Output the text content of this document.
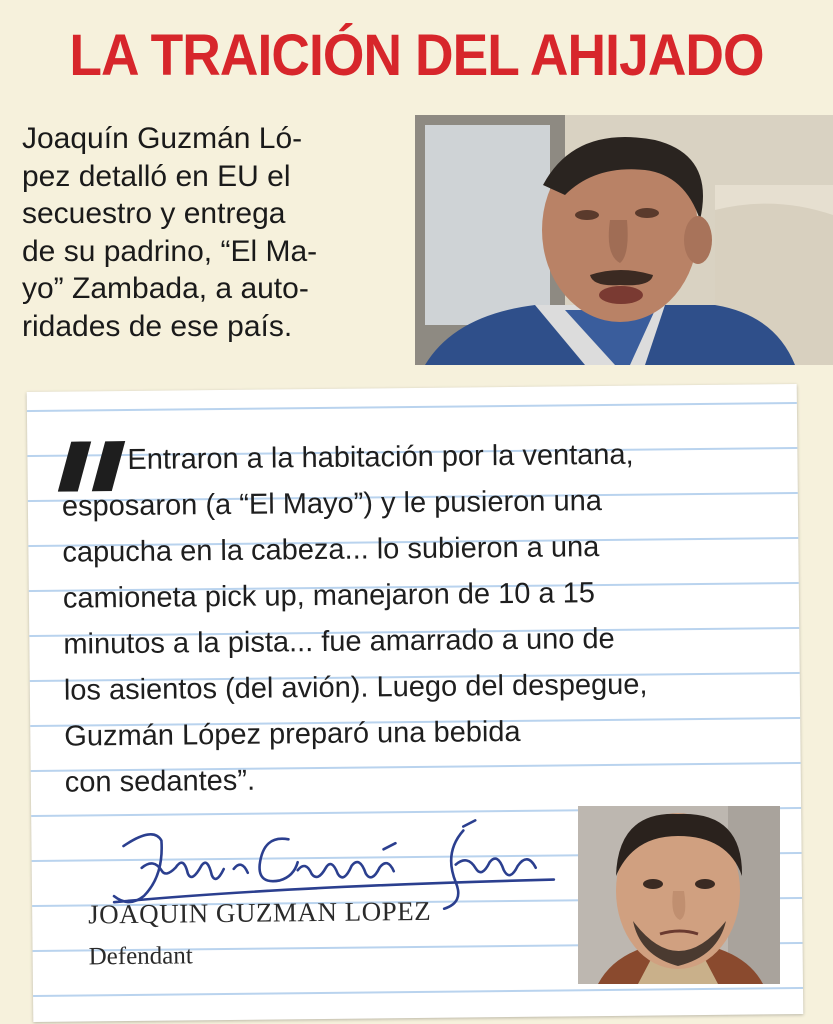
LA TRAICIÓN DEL AHIJADO
Joaquín Guzmán Ló-
pez detalló en EU el
secuestro y entrega
de su padrino, “El Ma-
yo” Zambada, a auto-
ridades de ese país.
Entraron a la habitación por la ventana,
esposaron (a “El Mayo”) y le pusieron una
capucha en la cabeza... lo subieron a una
camioneta pick up, manejaron de 10 a 15
minutos a la pista... fue amarrado a uno de
los asientos (del avión). Luego del despegue,
Guzmán López preparó una bebida
con sedantes”.
JOAQUIN GUZMAN LOPEZ
Defendant
